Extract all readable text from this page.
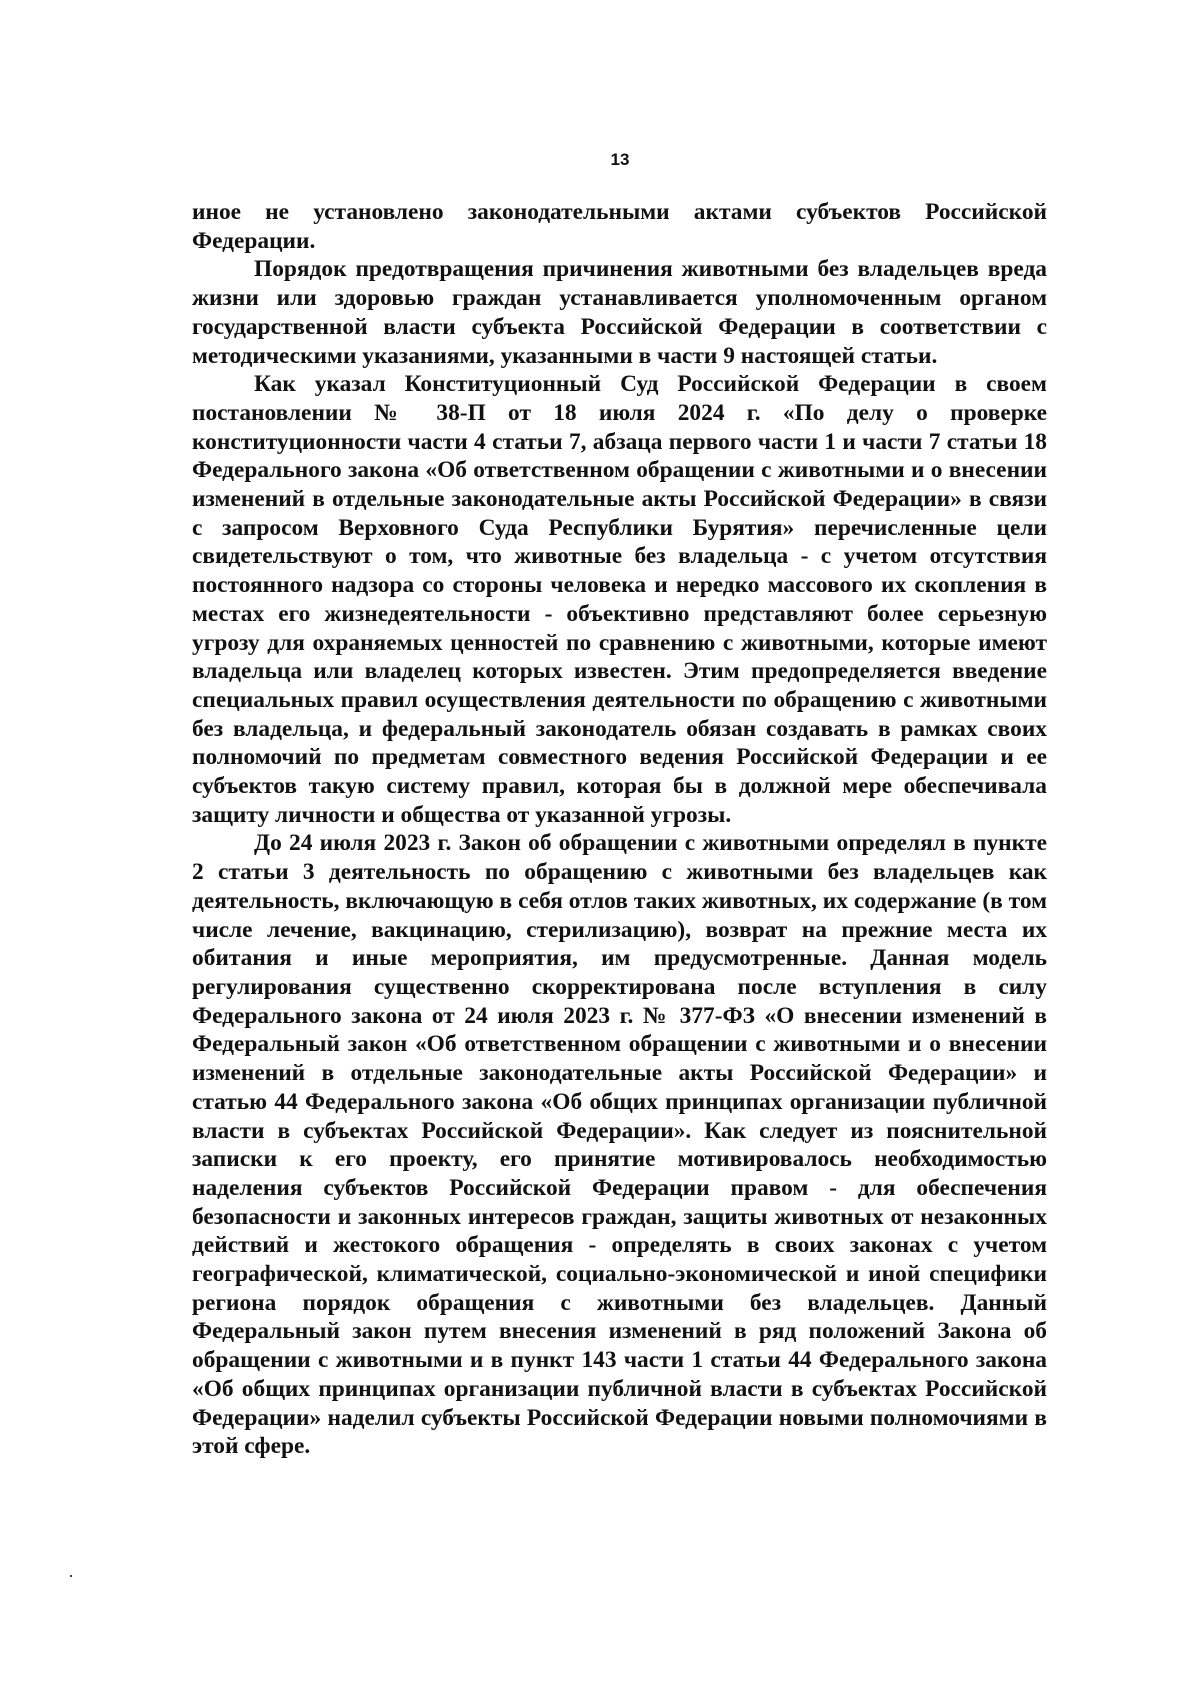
13

иное не установлено законодательными актами субъектов Российской Федерации.

Порядок предотвращения причинения животными без владельцев вреда жизни или здоровью граждан устанавливается уполномоченным органом государственной власти субъекта Российской Федерации в соответствии с методическими указаниями, указанными в части 9 настоящей статьи.

Как указал Конституционный Суд Российской Федерации в своем постановлении № 38-П от 18 июля 2024 г. «По делу о проверке конституционности части 4 статьи 7, абзаца первого части 1 и части 7 статьи 18 Федерального закона «Об ответственном обращении с животными и о внесении изменений в отдельные законодательные акты Российской Федерации» в связи с запросом Верховного Суда Республики Бурятия» перечисленные цели свидетельствуют о том, что животные без владельца - с учетом отсутствия постоянного надзора со стороны человека и нередко массового их скопления в местах его жизнедеятельности - объективно представляют более серьезную угрозу для охраняемых ценностей по сравнению с животными, которые имеют владельца или владелец которых известен. Этим предопределяется введение специальных правил осуществления деятельности по обращению с животными без владельца, и федеральный законодатель обязан создавать в рамках своих полномочий по предметам совместного ведения Российской Федерации и ее субъектов такую систему правил, которая бы в должной мере обеспечивала защиту личности и общества от указанной угрозы.

До 24 июля 2023 г. Закон об обращении с животными определял в пункте 2 статьи 3 деятельность по обращению с животными без владельцев как деятельность, включающую в себя отлов таких животных, их содержание (в том числе лечение, вакцинацию, стерилизацию), возврат на прежние места их обитания и иные мероприятия, им предусмотренные. Данная модель регулирования существенно скорректирована после вступления в силу Федерального закона от 24 июля 2023 г. № 377-ФЗ «О внесении изменений в Федеральный закон «Об ответственном обращении с животными и о внесении изменений в отдельные законодательные акты Российской Федерации» и статью 44 Федерального закона «Об общих принципах организации публичной власти в субъектах Российской Федерации». Как следует из пояснительной записки к его проекту, его принятие мотивировалось необходимостью наделения субъектов Российской Федерации правом - для обеспечения безопасности и законных интересов граждан, защиты животных от незаконных действий и жестокого обращения - определять в своих законах с учетом географической, климатической, социально-экономической и иной специфики региона порядок обращения с животными без владельцев. Данный Федеральный закон путем внесения изменений в ряд положений Закона об обращении с животными и в пункт 143 части 1 статьи 44 Федерального закона «Об общих принципах организации публичной власти в субъектах Российской Федерации» наделил субъекты Российской Федерации новыми полномочиями в этой сфере.
